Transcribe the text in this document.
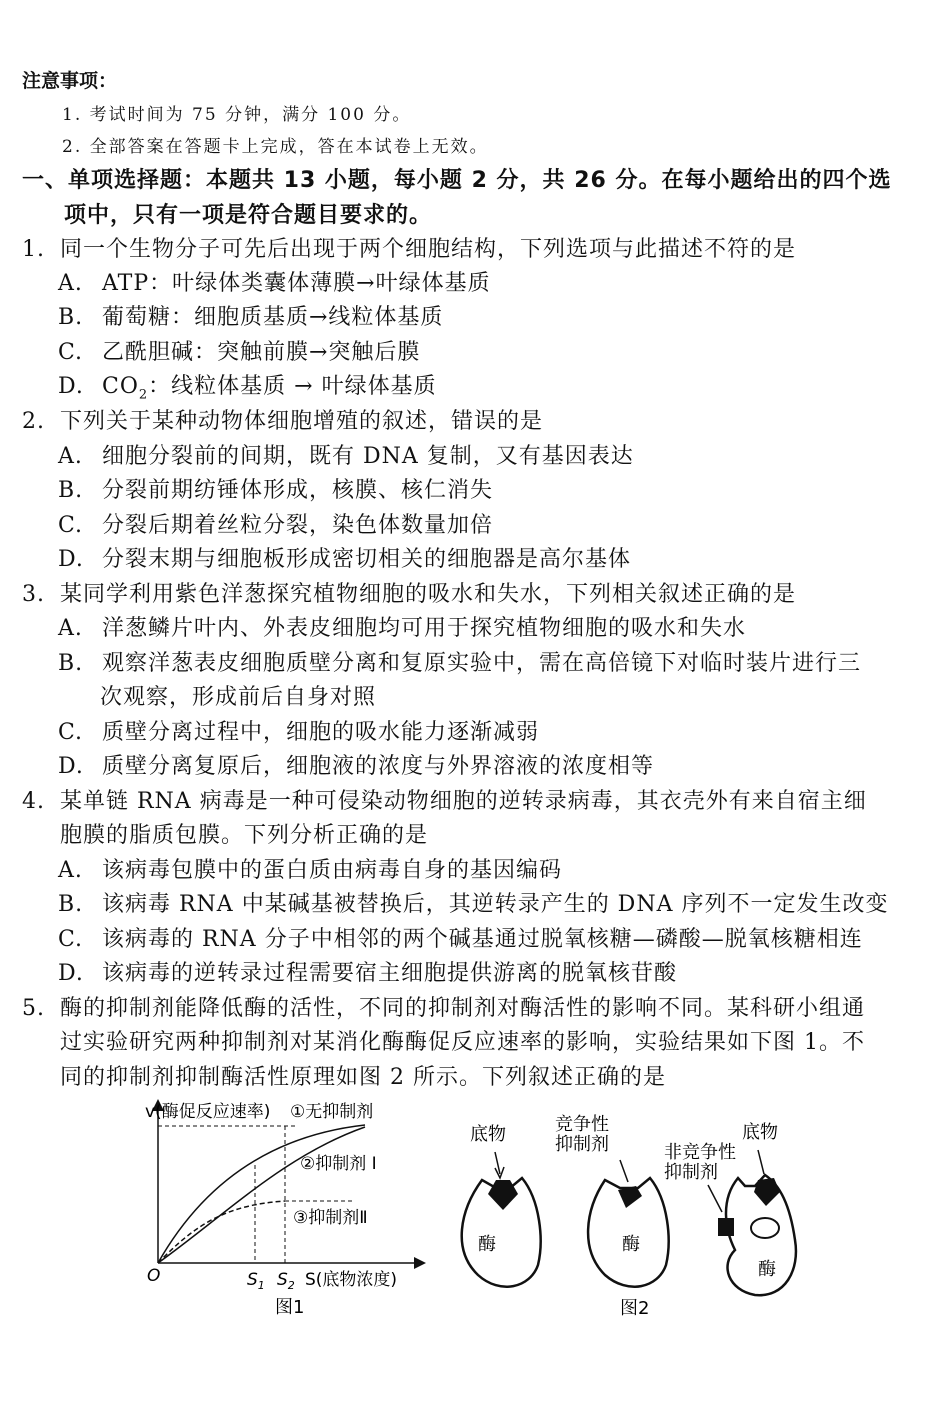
注意事项：
1. 考试时间为 75 分钟，满分 100 分。
2. 全部答案在答题卡上完成，答在本试卷上无效。
一、单项选择题：本题共 13 小题，每小题 2 分，共 26 分。在每小题给出的四个选
项中，只有一项是符合题目要求的。
1. 同一个生物分子可先后出现于两个细胞结构，下列选项与此描述不符的是
A. ATP：叶绿体类囊体薄膜→叶绿体基质
B. 葡萄糖：细胞质基质→线粒体基质
C. 乙酰胆碱：突触前膜→突触后膜
D. $CO_2$：线粒体基质 → 叶绿体基质
2. 下列关于某种动物体细胞增殖的叙述，错误的是
A. 细胞分裂前的间期，既有 DNA 复制，又有基因表达
B. 分裂前期纺锤体形成，核膜、核仁消失
C. 分裂后期着丝粒分裂，染色体数量加倍
D. 分裂末期与细胞板形成密切相关的细胞器是高尔基体
3. 某同学利用紫色洋葱探究植物细胞的吸水和失水，下列相关叙述正确的是
A. 洋葱鳞片叶内、外表皮细胞均可用于探究植物细胞的吸水和失水
B. 观察洋葱表皮细胞质壁分离和复原实验中，需在高倍镜下对临时装片进行三
次观察，形成前后自身对照
C. 质壁分离过程中，细胞的吸水能力逐渐减弱
D. 质壁分离复原后，细胞液的浓度与外界溶液的浓度相等
4. 某单链 RNA 病毒是一种可侵染动物细胞的逆转录病毒，其衣壳外有来自宿主细
胞膜的脂质包膜。下列分析正确的是
A. 该病毒包膜中的蛋白质由病毒自身的基因编码
B. 该病毒 RNA 中某碱基被替换后，其逆转录产生的 DNA 序列不一定发生改变
C. 该病毒的 RNA 分子中相邻的两个碱基通过脱氧核糖—磷酸—脱氧核糖相连
D. 该病毒的逆转录过程需要宿主细胞提供游离的脱氧核苷酸
5. 酶的抑制剂能降低酶的活性，不同的抑制剂对酶活性的影响不同。某科研小组通
过实验研究两种抑制剂对某消化酶酶促反应速率的影响，实验结果如下图 1。不
同的抑制剂抑制酶活性原理如图 2 所示。下列叙述正确的是
v(酶促反应速率) ①无抑制剂
②抑制剂 I
③抑制剂Ⅱ
O	$S_1$ $S_2$ S(底物浓度)
图1
底物
酶
竞争性
抑制剂
酶
非竞争性
抑制剂
底物
酶
图2
